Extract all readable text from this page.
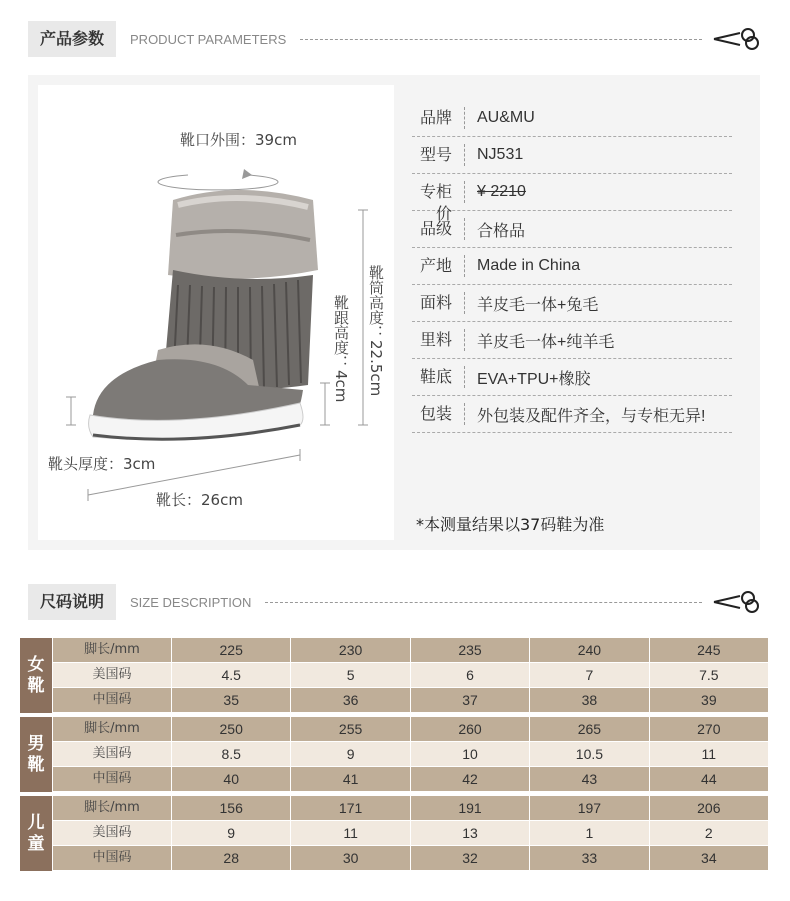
产品参数	PRODUCT PARAMETERS
靴口外围：39cm
靴筒高度：22.5cm
靴跟高度：4cm
靴头厚度：3cm
靴长：26cm
品牌	AU&MU
型号	NJ531
专柜价
¥ 2210
品级	合格品
产地	Made in China
面料	羊皮毛一体+兔毛
里料	羊皮毛一体+纯羊毛
鞋底	EVA+TPU+橡胶
包装	外包装及配件齐全，与专柜无异!
*本测量结果以37码鞋为准
尺码说明	SIZE DESCRIPTION
女
靴
脚长/mm	225	230	235	240	245
美国码	4.5	5	6	7	7.5
中国码	35	36	37	38	39
男
靴
脚长/mm	250	255	260	265	270
美国码	8.5	9	10	10.5	11
中国码	40	41	42	43	44
儿
童
脚长/mm	156	171	191	197	206
美国码	9	11	13	1	2
中国码	28	30	32	33	34
